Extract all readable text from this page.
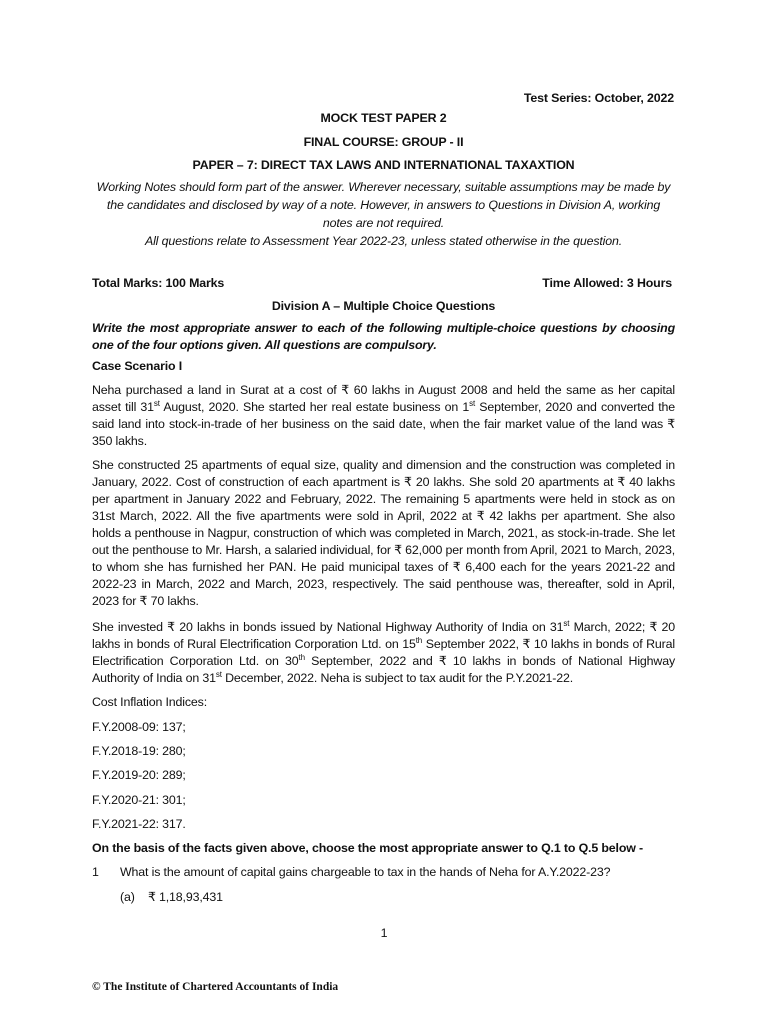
Test Series: October, 2022
MOCK TEST PAPER 2
FINAL COURSE: GROUP - II
PAPER – 7: DIRECT TAX LAWS AND INTERNATIONAL TAXAXTION
Working Notes should form part of the answer. Wherever necessary, suitable assumptions may be made by the candidates and disclosed by way of a note. However, in answers to Questions in Division A, working notes are not required.
All questions relate to Assessment Year 2022-23, unless stated otherwise in the question.
Total Marks: 100 Marks	Time Allowed: 3 Hours
Division A – Multiple Choice Questions
Write the most appropriate answer to each of the following multiple-choice questions by choosing one of the four options given. All questions are compulsory.
Case Scenario I
Neha purchased a land in Surat at a cost of ₹ 60 lakhs in August 2008 and held the same as her capital asset till 31st August, 2020. She started her real estate business on 1st September, 2020 and converted the said land into stock-in-trade of her business on the said date, when the fair market value of the land was ₹ 350 lakhs.
She constructed 25 apartments of equal size, quality and dimension and the construction was completed in January, 2022. Cost of construction of each apartment is ₹ 20 lakhs. She sold 20 apartments at ₹ 40 lakhs per apartment in January 2022 and February, 2022. The remaining 5 apartments were held in stock as on 31st March, 2022. All the five apartments were sold in April, 2022 at ₹ 42 lakhs per apartment. She also holds a penthouse in Nagpur, construction of which was completed in March, 2021, as stock-in-trade. She let out the penthouse to Mr. Harsh, a salaried individual, for ₹ 62,000 per month from April, 2021 to March, 2023, to whom she has furnished her PAN. He paid municipal taxes of ₹ 6,400 each for the years 2021-22 and 2022-23 in March, 2022 and March, 2023, respectively. The said penthouse was, thereafter, sold in April, 2023 for ₹ 70 lakhs.
She invested ₹ 20 lakhs in bonds issued by National Highway Authority of India on 31st March, 2022; ₹ 20 lakhs in bonds of Rural Electrification Corporation Ltd. on 15th September 2022, ₹ 10 lakhs in bonds of Rural Electrification Corporation Ltd. on 30th September, 2022 and ₹ 10 lakhs in bonds of National Highway Authority of India on 31st December, 2022. Neha is subject to tax audit for the P.Y.2021-22.
Cost Inflation Indices:
F.Y.2008-09: 137;
F.Y.2018-19: 280;
F.Y.2019-20: 289;
F.Y.2020-21: 301;
F.Y.2021-22: 317.
On the basis of the facts given above, choose the most appropriate answer to Q.1 to Q.5 below -
1 What is the amount of capital gains chargeable to tax in the hands of Neha for A.Y.2022-23?
(a) ₹ 1,18,93,431
1
© The Institute of Chartered Accountants of India
